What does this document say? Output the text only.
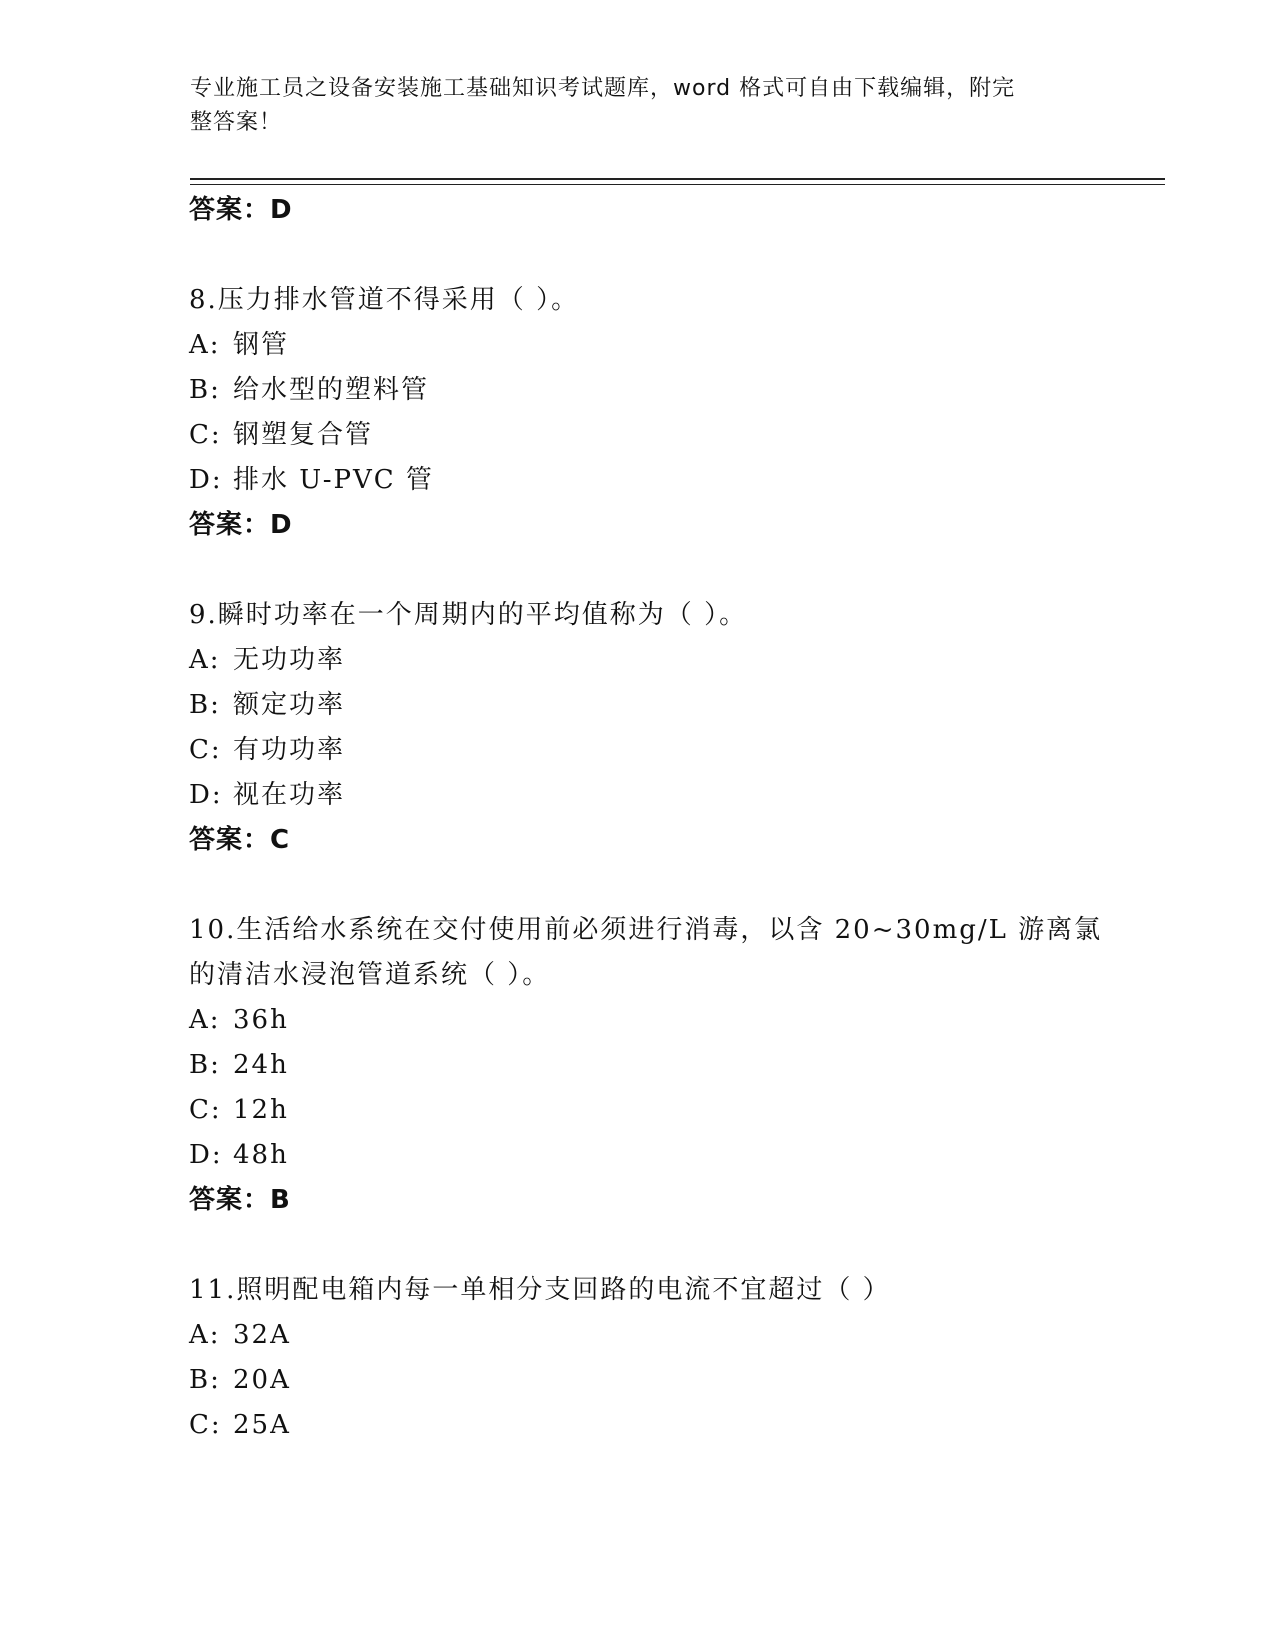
专业施工员之设备安装施工基础知识考试题库，word 格式可自由下载编辑，附完
整答案！
答案：D
8.压力排水管道不得采用（ ）。
A: 钢管
B: 给水型的塑料管
C: 钢塑复合管
D: 排水 U-PVC 管
答案：D
9.瞬时功率在一个周期内的平均值称为（ ）。
A: 无功功率
B: 额定功率
C: 有功功率
D: 视在功率
答案：C
10.生活给水系统在交付使用前必须进行消毒，以含 20~30mg/L 游离氯
的清洁水浸泡管道系统（ ）。
A: 36h
B: 24h
C: 12h
D: 48h
答案：B
11.照明配电箱内每一单相分支回路的电流不宜超过（ ）
A: 32A
B: 20A
C: 25A
